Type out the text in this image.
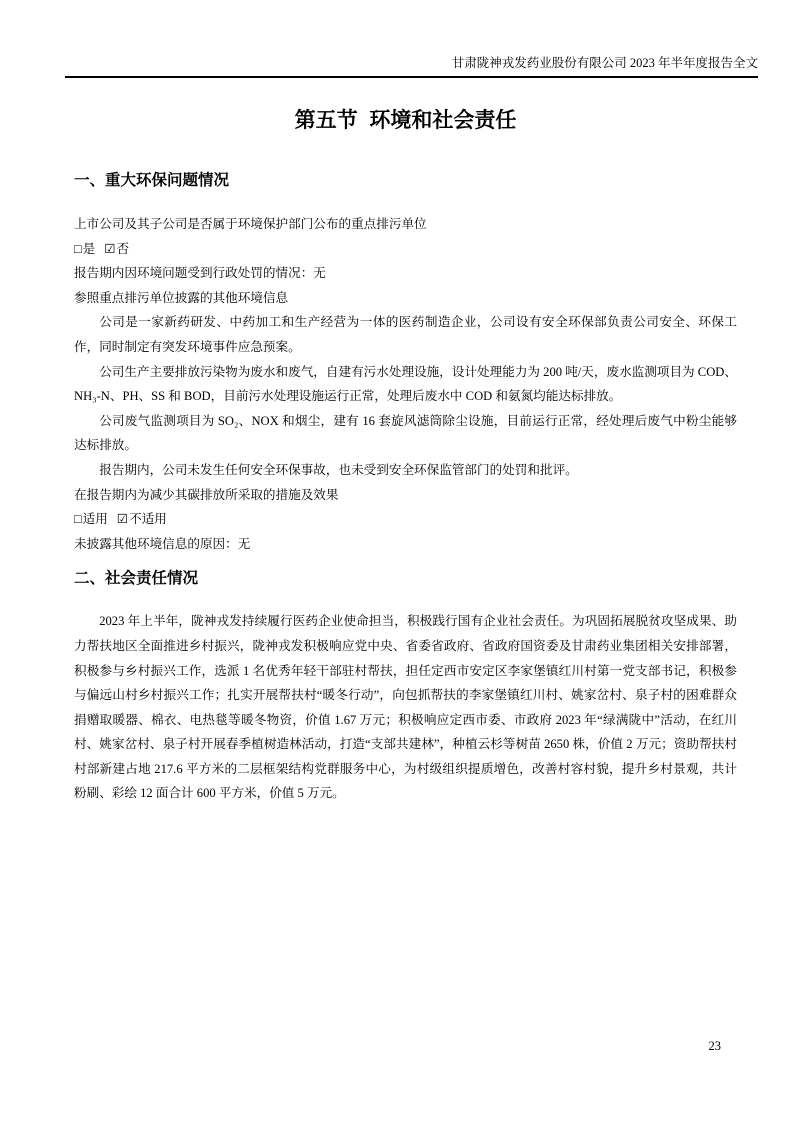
甘肃陇神戎发药业股份有限公司 2023 年半年度报告全文
第五节  环境和社会责任
一、重大环保问题情况

上市公司及其子公司是否属于环境保护部门公布的重点排污单位

□是 ☑否

报告期内因环境问题受到行政处罚的情况：无

参照重点排污单位披露的其他环境信息

公司是一家新药研发、中药加工和生产经营为一体的医药制造企业，公司设有安全环保部负责公司安全、环保工作，同时制定有突发环境事件应急预案。

公司生产主要排放污染物为废水和废气，自建有污水处理设施，设计处理能力为 200 吨/天，废水监测项目为 COD、NH₃-N、PH、SS 和 BOD，目前污水处理设施运行正常，处理后废水中 COD 和氨氮均能达标排放。

公司废气监测项目为 SO₂、NOX 和烟尘，建有 16 套旋风滤筒除尘设施，目前运行正常，经处理后废气中粉尘能够达标排放。

报告期内，公司未发生任何安全环保事故，也未受到安全环保监管部门的处罚和批评。

在报告期内为减少其碳排放所采取的措施及效果

□适用 ☑不适用

未披露其他环境信息的原因：无

二、社会责任情况

2023 年上半年，陇神戎发持续履行医药企业使命担当，积极践行国有企业社会责任。为巩固拓展脱贫攻坚成果、助力帮扶地区全面推进乡村振兴，陇神戎发积极响应党中央、省委省政府、省政府国资委及甘肃药业集团相关安排部署，积极参与乡村振兴工作，选派 1 名优秀年轻干部驻村帮扶，担任定西市安定区李家堡镇红川村第一党支部书记，积极参与偏远山村乡村振兴工作；扎实开展帮扶村“暖冬行动”，向包抓帮扶的李家堡镇红川村、姚家岔村、泉子村的困难群众捐赠取暖器、棉衣、电热毯等暖冬物资，价值 1.67 万元；积极响应定西市委、市政府 2023 年“绿满陇中”活动，在红川村、姚家岔村、泉子村开展春季植树造林活动，打造“支部共建林”，种植云杉等树苗 2650 株，价值 2 万元；资助帮扶村村部新建占地 217.6 平方米的二层框架结构党群服务中心，为村级组织提质增色，改善村容村貌，提升乡村景观，共计粉刷、彩绘 12 面合计 600 平方米，价值 5 万元。

23
